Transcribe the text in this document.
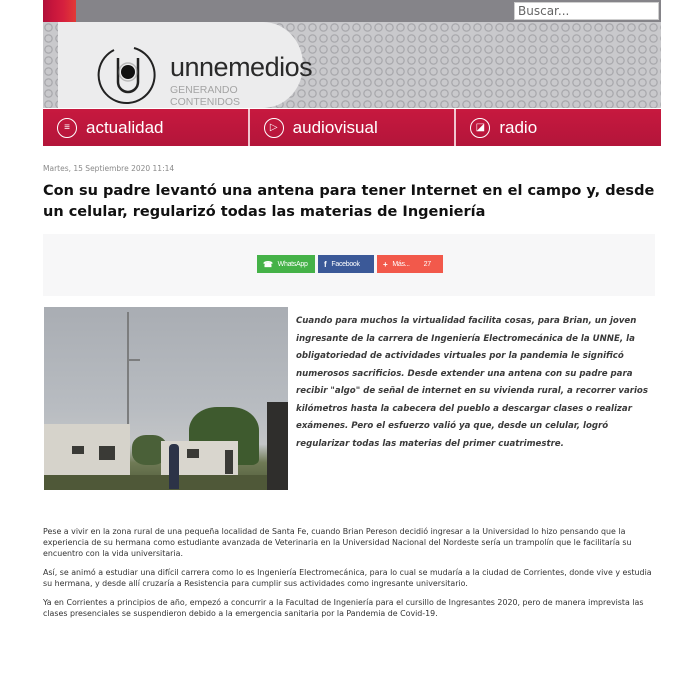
Buscar...
unnemedios
GENERANDO CONTENIDOS
≡ actualidad	▷ audiovisual	◪ radio
Martes, 15 Septiembre 2020 11:14
Con su padre levantó una antena para tener Internet en el campo y, desde un celular, regularizó todas las materias de Ingeniería
☎ WhatsApp f Facebook	+ Más... 27

Cuando para muchos la virtualidad facilita cosas, para Brian, un joven ingresante de la carrera de Ingeniería Electromecánica de la UNNE, la obligatoriedad de actividades virtuales por la pandemia le significó numerosos sacrificios. Desde extender una antena con su padre para recibir "algo" de señal de internet en su vivienda rural, a recorrer varios kilómetros hasta la cabecera del pueblo a descargar clases o realizar exámenes. Pero el esfuerzo valió ya que, desde un celular, logró regularizar todas las materias del primer cuatrimestre.

Pese a vivir en la zona rural de una pequeña localidad de Santa Fe, cuando Brian Pereson decidió ingresar a la Universidad lo hizo pensando que la experiencia de su hermana como estudiante avanzada de Veterinaria en la Universidad Nacional del Nordeste sería un trampolín que le facilitaría su encuentro con la vida universitaria.

Así, se animó a estudiar una difícil carrera como lo es Ingeniería Electromecánica, para lo cual se mudaría a la ciudad de Corrientes, donde vive y estudia su hermana, y desde allí cruzaría a Resistencia para cumplir sus actividades como ingresante universitario.

Ya en Corrientes a principios de año, empezó a concurrir a la Facultad de Ingeniería para el cursillo de Ingresantes 2020, pero de manera imprevista las clases presenciales se suspendieron debido a la emergencia sanitaria por la Pandemia de Covid-19.
